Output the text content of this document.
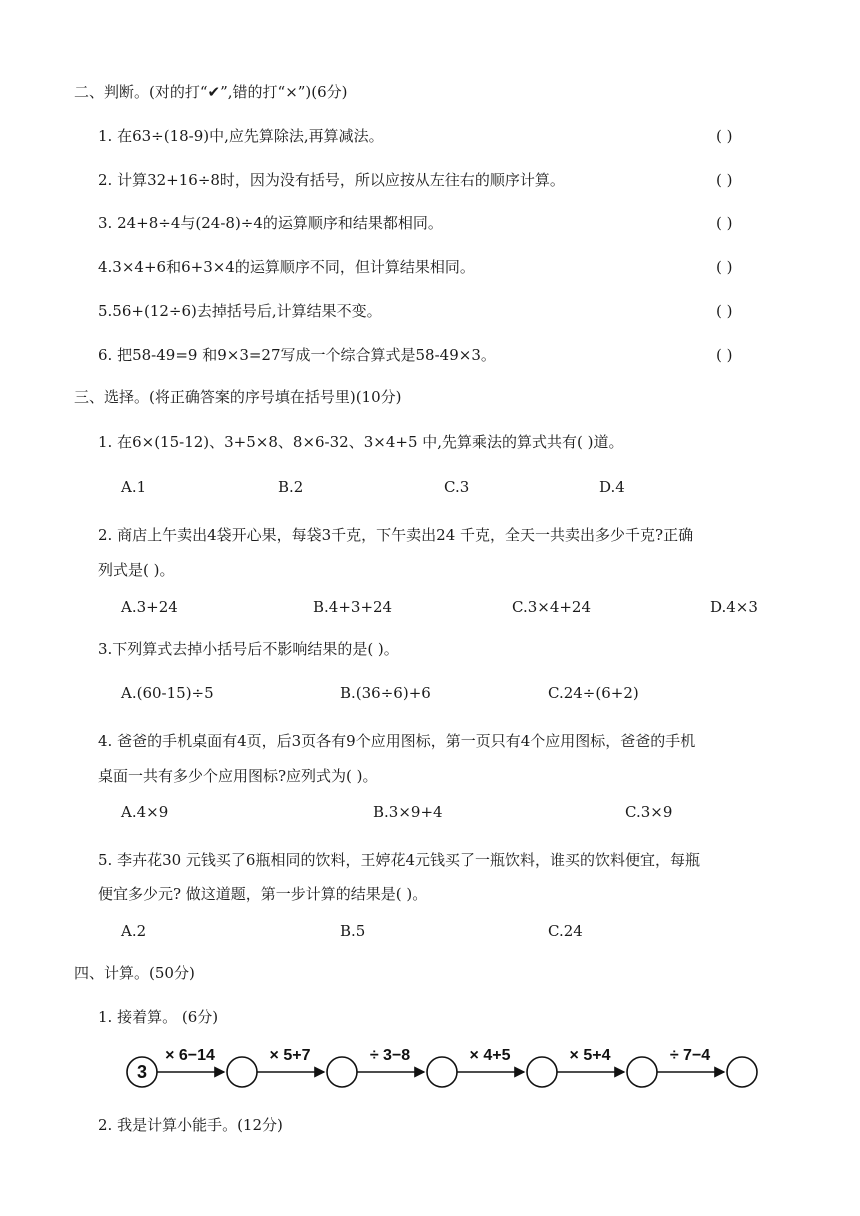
二、判断。(对的打“✔”,错的打“×”)(6分)
1. 在63÷(18-9)中,应先算除法,再算减法。	( )
2. 计算32+16÷8时，因为没有括号，所以应按从左往右的顺序计算。	( )
3. 24+8÷4与(24-8)÷4的运算顺序和结果都相同。	( )
4.3×4+6和6+3×4的运算顺序不同，但计算结果相同。	( )
5.56+(12÷6)去掉括号后,计算结果不变。	( )
6. 把58-49=9 和9×3=27写成一个综合算式是58-49×3。	( )
三、选择。(将正确答案的序号填在括号里)(10分)
1. 在6×(15-12)、3+5×8、8×6-32、3×4+5 中,先算乘法的算式共有( )道。
A.1	B.2	C.3	D.4
2. 商店上午卖出4袋开心果，每袋3千克，下午卖出24 千克，全天一共卖出多少千克?正确
列式是( )。
A.3+24	B.4+3+24	C.3×4+24	D.4×3
3.下列算式去掉小括号后不影响结果的是( )。
A.(60-15)÷5	B.(36÷6)+6	C.24÷(6+2)
4. 爸爸的手机桌面有4页，后3页各有9个应用图标，第一页只有4个应用图标，爸爸的手机
桌面一共有多少个应用图标?应列式为( )。
A.4×9	B.3×9+4	C.3×9
5. 李卉花30 元钱买了6瓶相同的饮料，王婷花4元钱买了一瓶饮料，谁买的饮料便宜，每瓶
便宜多少元? 做这道题，第一步计算的结果是( )。
A.2	B.5	C.24
四、计算。(50分)
1. 接着算。 (6分)
3
× 6−14	× 5+7	÷ 3−8	× 4+5	× 5+4	÷ 7−4
2. 我是计算小能手。(12分)
